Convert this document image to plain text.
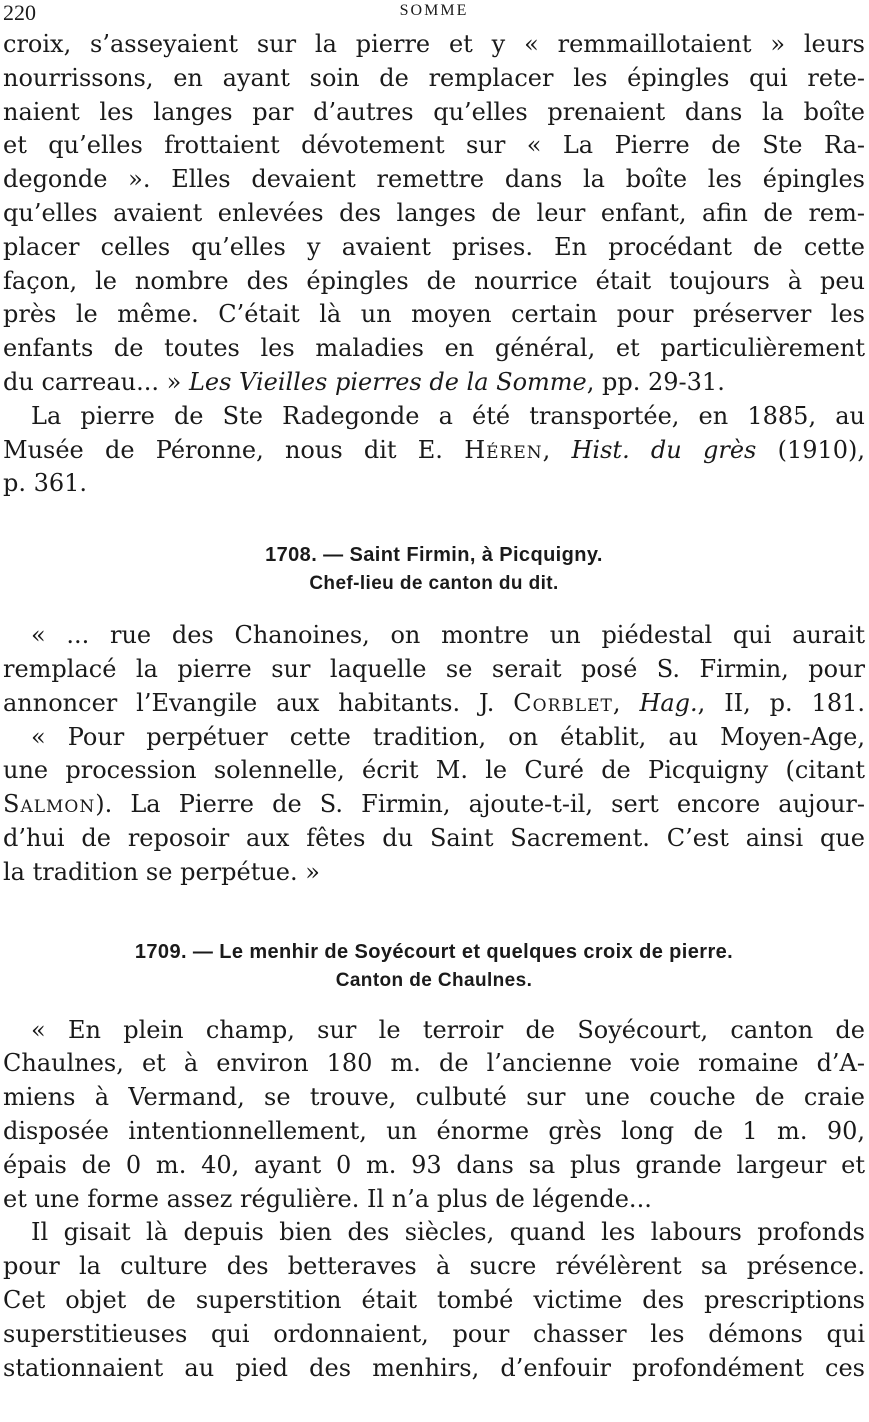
220	SOMME
croix, s’asseyaient sur la pierre et y « remmaillotaient » leurs
nourrissons, en ayant soin de remplacer les épingles qui rete-
naient les langes par d’autres qu’elles prenaient dans la boîte
et qu’elles frottaient dévotement sur « La Pierre de Ste Ra-
degonde ». Elles devaient remettre dans la boîte les épingles
qu’elles avaient enlevées des langes de leur enfant, afin de rem-
placer celles qu’elles y avaient prises. En procédant de cette
façon, le nombre des épingles de nourrice était toujours à peu
près le même. C’était là un moyen certain pour préserver les
enfants de toutes les maladies en général, et particulièrement
du carreau... » Les Vieilles pierres de la Somme, pp. 29-31.
La pierre de Ste Radegonde a été transportée, en 1885, au
Musée de Péronne, nous dit E. Héren, Hist. du grès (1910),
p. 361.
1708. — Saint Firmin, à Picquigny.
Chef-lieu de canton du dit.
« ... rue des Chanoines, on montre un piédestal qui aurait
remplacé la pierre sur laquelle se serait posé S. Firmin, pour
annoncer l’Evangile aux habitants. J. Corblet, Hag., II, p. 181.
« Pour perpétuer cette tradition, on établit, au Moyen-Age,
une procession solennelle, écrit M. le Curé de Picquigny (citant
Salmon). La Pierre de S. Firmin, ajoute-t-il, sert encore aujour-
d’hui de reposoir aux fêtes du Saint Sacrement. C’est ainsi que
la tradition se perpétue. »
1709. — Le menhir de Soyécourt et quelques croix de pierre.
Canton de Chaulnes.
« En plein champ, sur le terroir de Soyécourt, canton de
Chaulnes, et à environ 180 m. de l’ancienne voie romaine d’A-
miens à Vermand, se trouve, culbuté sur une couche de craie
disposée intentionnellement, un énorme grès long de 1 m. 90,
épais de 0 m. 40, ayant 0 m. 93 dans sa plus grande largeur et
et une forme assez régulière. Il n’a plus de légende...
Il gisait là depuis bien des siècles, quand les labours profonds
pour la culture des betteraves à sucre révélèrent sa présence.
Cet objet de superstition était tombé victime des prescriptions
superstitieuses qui ordonnaient, pour chasser les démons qui
stationnaient au pied des menhirs, d’enfouir profondément ces
